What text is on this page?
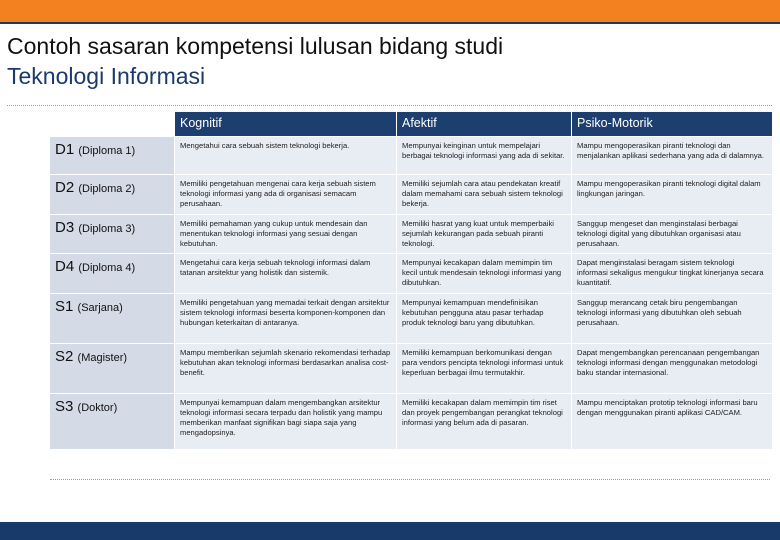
Contoh sasaran kompetensi lulusan bidang studi
Teknologi Informasi
	Kognitif	Afektif	Psiko-Motorik
D1 (Diploma 1)	Mengetahui cara sebuah sistem teknologi bekerja.	Mempunyai keinginan untuk mempelajari berbagai teknologi informasi yang ada di sekitar.	Mampu mengoperasikan piranti teknologi dan menjalankan aplikasi sederhana yang ada di dalamnya.
D2 (Diploma 2)	Memiliki pengetahuan mengenai cara kerja sebuah sistem teknologi informasi yang ada di organisasi semacam perusahaan.	Memiliki sejumlah cara atau pendekatan kreatif dalam memahami cara sebuah sistem teknologi bekerja.	Mampu mengoperasikan piranti teknologi digital dalam lingkungan jaringan.
D3 (Diploma 3)	Memiliki pemahaman yang cukup untuk mendesain dan menentukan teknologi informasi yang sesuai dengan kebutuhan.	Memiliki hasrat yang kuat untuk memperbaiki sejumlah kekurangan pada sebuah piranti teknologi.	Sanggup mengeset dan menginstalasi berbagai teknologi digital yang dibutuhkan organisasi atau perusahaan.
D4 (Diploma 4)	Mengetahui cara kerja sebuah teknologi informasi dalam tatanan arsitektur yang holistik dan sistemik.	Mempunyai kecakapan dalam memimpin tim kecil untuk mendesain teknologi informasi yang dibutuhkan.	Dapat menginstalasi beragam sistem teknologi informasi sekaligus mengukur tingkat kinerjanya secara kuantitatif.
S1 (Sarjana)	Memiliki pengetahuan yang memadai terkait dengan arsitektur sistem teknologi informasi beserta komponen-komponen dan hubungan keterkaitan di antaranya.	Mempunyai kemampuan mendefinisikan kebutuhan pengguna atau pasar terhadap produk teknologi baru yang dibutuhkan.	Sanggup merancang cetak biru pengembangan teknologi informasi yang dibutuhkan oleh sebuah perusahaan.
S2 (Magister)	Mampu memberikan sejumlah skenario rekomendasi terhadap kebutuhan akan teknologi informasi berdasarkan analisa cost-benefit.	Memiliki kemampuan berkomunikasi dengan para vendors pencipta teknologi informasi untuk keperluan berbagai ilmu termutakhir.	Dapat mengembangkan perencanaan pengembangan teknologi informasi dengan menggunakan metodologi baku standar internasional.
S3 (Doktor)	Mempunyai kemampuan dalam mengembangkan arsitektur teknologi informasi secara terpadu dan holistik yang mampu memberikan manfaat signifikan bagi siapa saja yang mengadopsinya.	Memiliki kecakapan dalam memimpin tim riset dan proyek pengembangan perangkat teknologi informasi yang belum ada di pasaran.	Mampu menciptakan prototip teknologi informasi baru dengan menggunakan piranti aplikasi CAD/CAM.
